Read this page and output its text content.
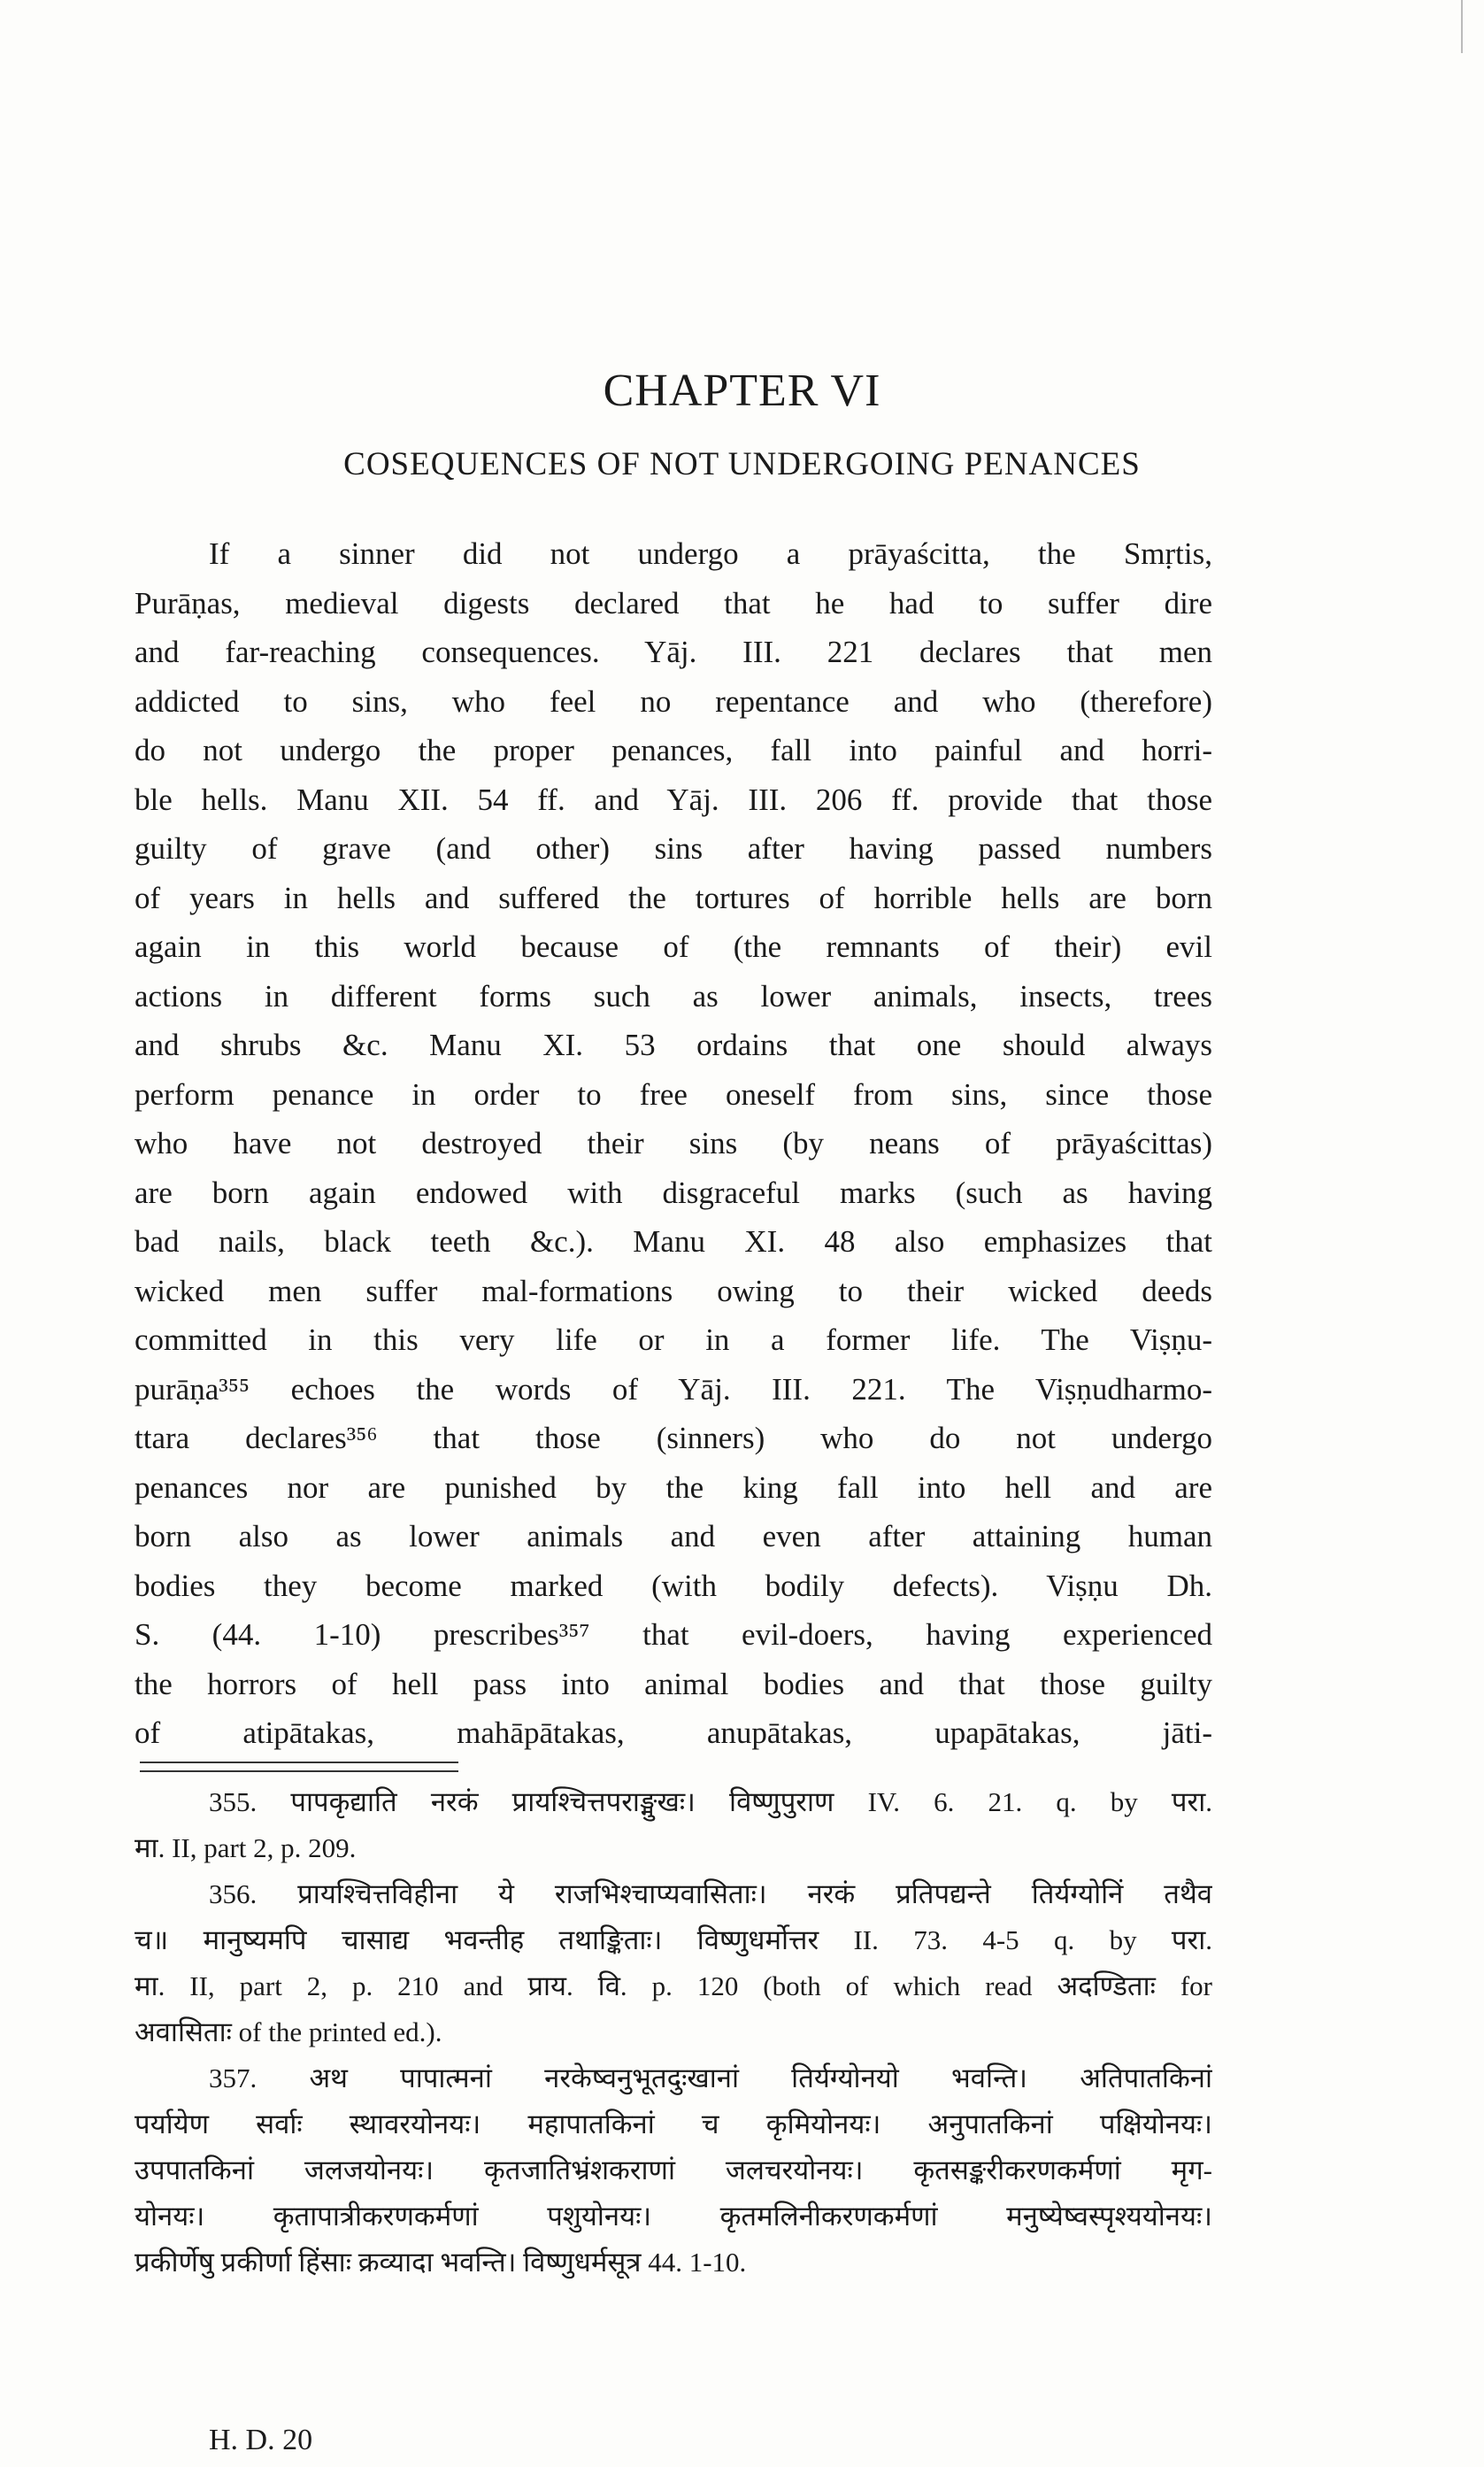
CHAPTER VI
COSEQUENCES OF NOT UNDERGOING PENANCES
If a sinner did not undergo a prāyaścitta, the Smṛtis,
Purāṇas, medieval digests declared that he had to suffer dire
and far-reaching consequences. Yāj. III. 221 declares that men
addicted to sins, who feel no repentance and who (therefore)
do not undergo the proper penances, fall into painful and horri-
ble hells. Manu XII. 54 ff. and Yāj. III. 206 ff. provide that those
guilty of grave (and other) sins after having passed numbers
of years in hells and suffered the tortures of horrible hells are born
again in this world because of (the remnants of their) evil
actions in different forms such as lower animals, insects, trees
and shrubs &c. Manu XI. 53 ordains that one should always
perform penance in order to free oneself from sins, since those
who have not destroyed their sins (by neans of prāyaścittas)
are born again endowed with disgraceful marks (such as having
bad nails, black teeth &c.). Manu XI. 48 also emphasizes that
wicked men suffer mal-formations owing to their wicked deeds
committed in this very life or in a former life. The Viṣṇu-
purāṇa³⁵⁵ echoes the words of Yāj. III. 221. The Viṣṇudharmo-
ttara declares³⁵⁶ that those (sinners) who do not undergo
penances nor are punished by the king fall into hell and are
born also as lower animals and even after attaining human
bodies they become marked (with bodily defects). Viṣṇu Dh.
S. (44. 1-10) prescribes³⁵⁷ that evil-doers, having experienced
the horrors of hell pass into animal bodies and that those guilty
of atipātakas, mahāpātakas, anupātakas, upapātakas, jāti-
355. पापकृद्याति नरकं प्रायश्चित्तपराङ्मुखः। विष्णुपुराण IV. 6. 21. q. by परा.
मा. II, part 2, p. 209.
356. प्रायश्चित्तविहीना ये राजभिश्चाप्यवासिताः। नरकं प्रतिपद्यन्ते तिर्यग्योनिं तथैव
च॥ मानुष्यमपि चासाद्य भवन्तीह तथाङ्किताः। विष्णुधर्मोत्तर II. 73. 4-5 q. by परा.
मा. II, part 2, p. 210 and प्राय. वि. p. 120 (both of which read अदण्डिताः for
अवासिताः of the printed ed.).
357. अथ पापात्मनां नरकेष्वनुभूतदुःखानां तिर्यग्योनयो भवन्ति। अतिपातकिनां
पर्यायेण सर्वाः स्थावरयोनयः। महापातकिनां च कृमियोनयः। अनुपातकिनां पक्षियोनयः।
उपपातकिनां जलजयोनयः। कृतजातिभ्रंशकराणां जलचरयोनयः। कृतसङ्करीकरणकर्मणां मृग-
योनयः। कृतापात्रीकरणकर्मणां पशुयोनयः। कृतमलिनीकरणकर्मणां मनुष्येष्वस्पृश्ययोनयः।
प्रकीर्णेषु प्रकीर्णा हिंसाः क्रव्यादा भवन्ति। विष्णुधर्मसूत्र 44. 1-10.
H. D. 20
